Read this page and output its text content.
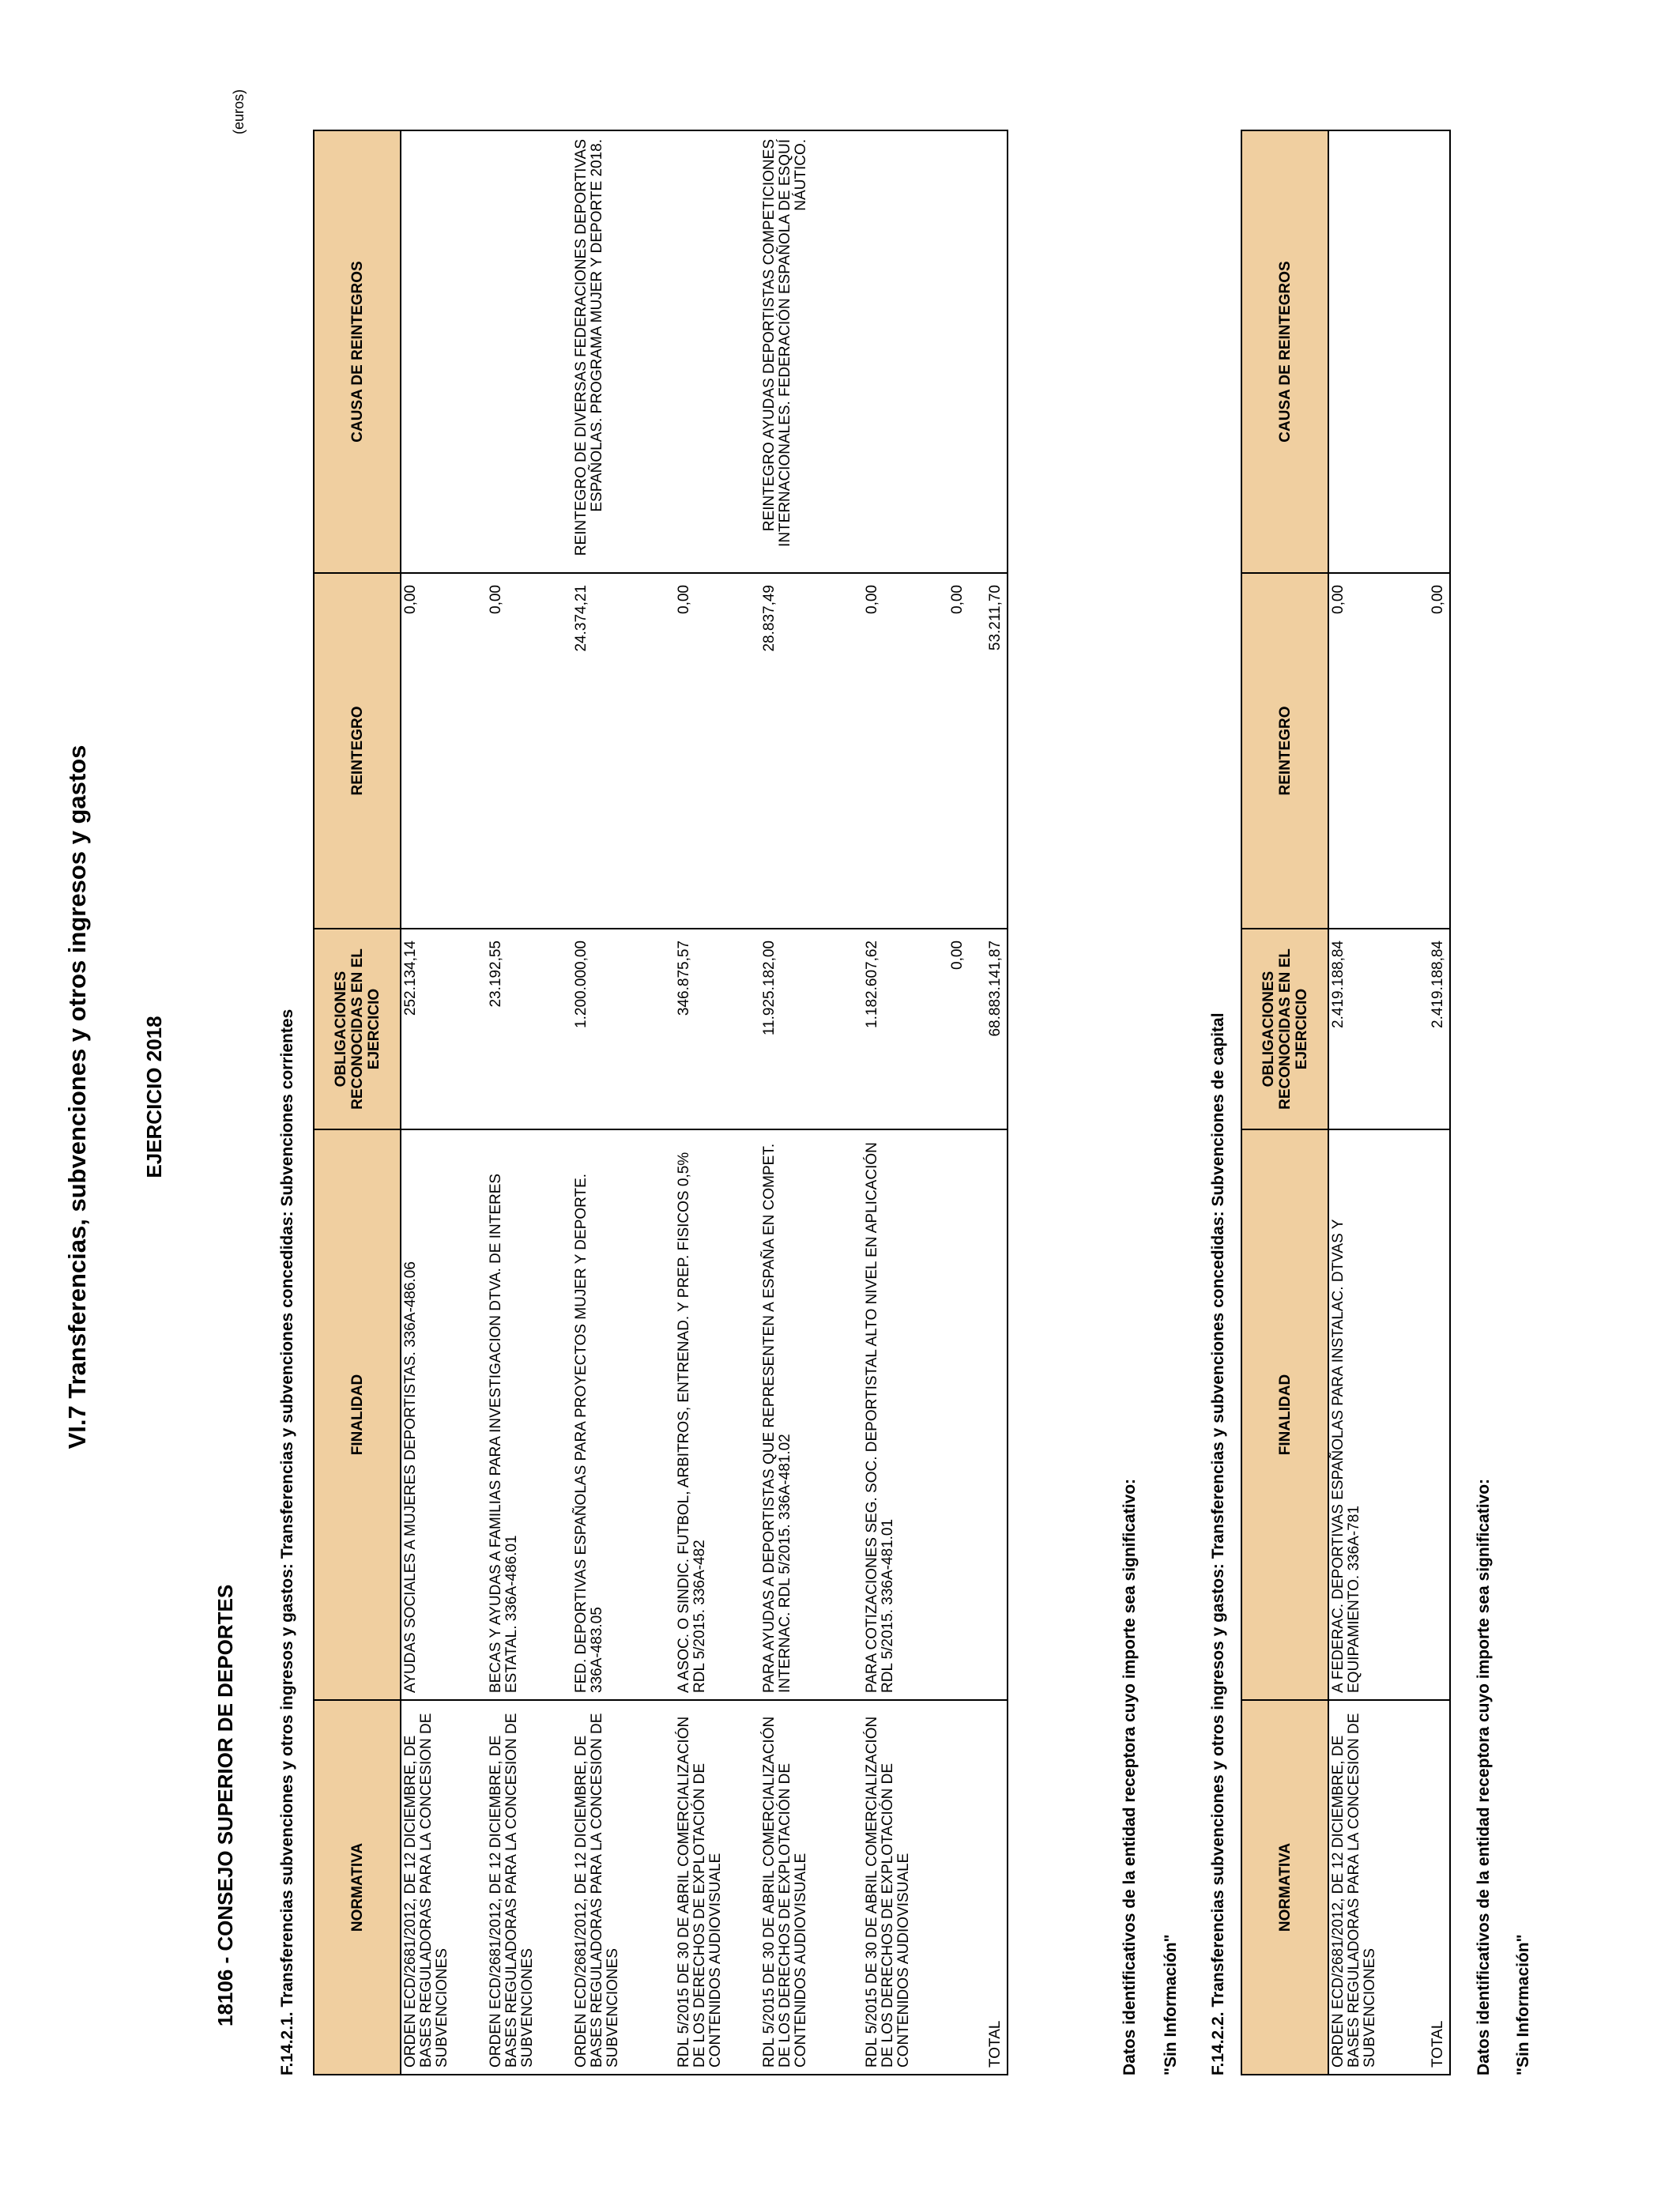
VI.7 Transferencias, subvenciones y otros ingresos y gastos	EJERCICIO 2018
18106 - CONSEJO SUPERIOR DE DEPORTES
(euros)
F.14.2.1. Transferencias subvenciones y otros ingresos y gastos: Transferencias y subvenciones concedidas: Subvenciones corrientes	NORMATIVA	FINALIDAD	OBLIGACIONES RECONOCIDAS EN EL EJERCICIO	REINTEGRO	CAUSA DE REINTEGROS
ORDEN ECD/2681/2012, DE 12 DICIEMBRE, DE BASES REGULADORAS PARA LA CONCESION DE SUBVENCIONES	AYUDAS SOCIALES A MUJERES DEPORTISTAS. 336A-486.06	252.134,14	0,00	
ORDEN ECD/2681/2012, DE 12 DICIEMBRE, DE BASES REGULADORAS PARA LA CONCESION DE SUBVENCIONES	BECAS Y AYUDAS A FAMILIAS PARA INVESTIGACION DTVA. DE INTERES ESTATAL. 336A-486.01	23.192,55	0,00	
ORDEN ECD/2681/2012, DE 12 DICIEMBRE, DE BASES REGULADORAS PARA LA CONCESION DE SUBVENCIONES	FED. DEPORTIVAS ESPAÑOLAS PARA PROYECTOS MUJER Y DEPORTE. 336A-483.05	1.200.000,00	24.374,21	REINTEGRO DE DIVERSAS FEDERACIONES DEPORTIVAS ESPAÑOLAS. PROGRAMA MUJER Y DEPORTE 2018.
RDL 5/2015 DE 30 DE ABRIL COMERCIALIZACIÓN DE LOS DERECHOS DE EXPLOTACIÓN DE CONTENIDOS AUDIOVISUALE	A ASOC. O SINDIC. FUTBOL, ARBITROS, ENTRENAD. Y PREP. FISICOS 0,5% RDL 5/2015. 336A-482	346.875,57	0,00	
RDL 5/2015 DE 30 DE ABRIL COMERCIALIZACIÓN DE LOS DERECHOS DE EXPLOTACIÓN DE CONTENIDOS AUDIOVISUALE	PARA AYUDAS A DEPORTISTAS QUE REPRESENTEN A ESPAÑA EN COMPET. INTERNAC. RDL 5/2015. 336A-481.02	11.925.182,00	28.837,49	REINTEGRO AYUDAS DEPORTISTAS COMPETICIONES INTERNACIONALES. FEDERACIÓN ESPAÑOLA DE ESQUÍ NÁUTICO.
RDL 5/2015 DE 30 DE ABRIL COMERCIALIZACIÓN DE LOS DERECHOS DE EXPLOTACIÓN DE CONTENIDOS AUDIOVISUALE	PARA COTIZACIONES SEG. SOC. DEPORTISTAL ALTO NIVEL EN APLICACIÓN RDL 5/2015. 336A-481.01	1.182.607,62	0,00	
		0,00	0,00	
TOTAL		68.883.141,87	53.211,70	
Datos identificativos de la entidad receptora cuyo importe sea significativo: "Sin Información" F.14.2.2. Transferencias subvenciones y otros ingresos y gastos: Transferencias y subvenciones concedidas: Subvenciones de capital	NORMATIVA	FINALIDAD	OBLIGACIONES RECONOCIDAS EN EL EJERCICIO	REINTEGRO	CAUSA DE REINTEGROS
ORDEN ECD/2681/2012, DE 12 DICIEMBRE, DE BASES REGULADORAS PARA LA CONCESION DE SUBVENCIONES	A FEDERAC. DEPORTIVAS ESPAÑOLAS PARA INSTALAC. DTVAS Y EQUIPAMIENTO. 336A-781	2.419.188,84	0,00	
TOTAL		2.419.188,84	0,00	
Datos identificativos de la entidad receptora cuyo importe sea significativo: "Sin Información"
